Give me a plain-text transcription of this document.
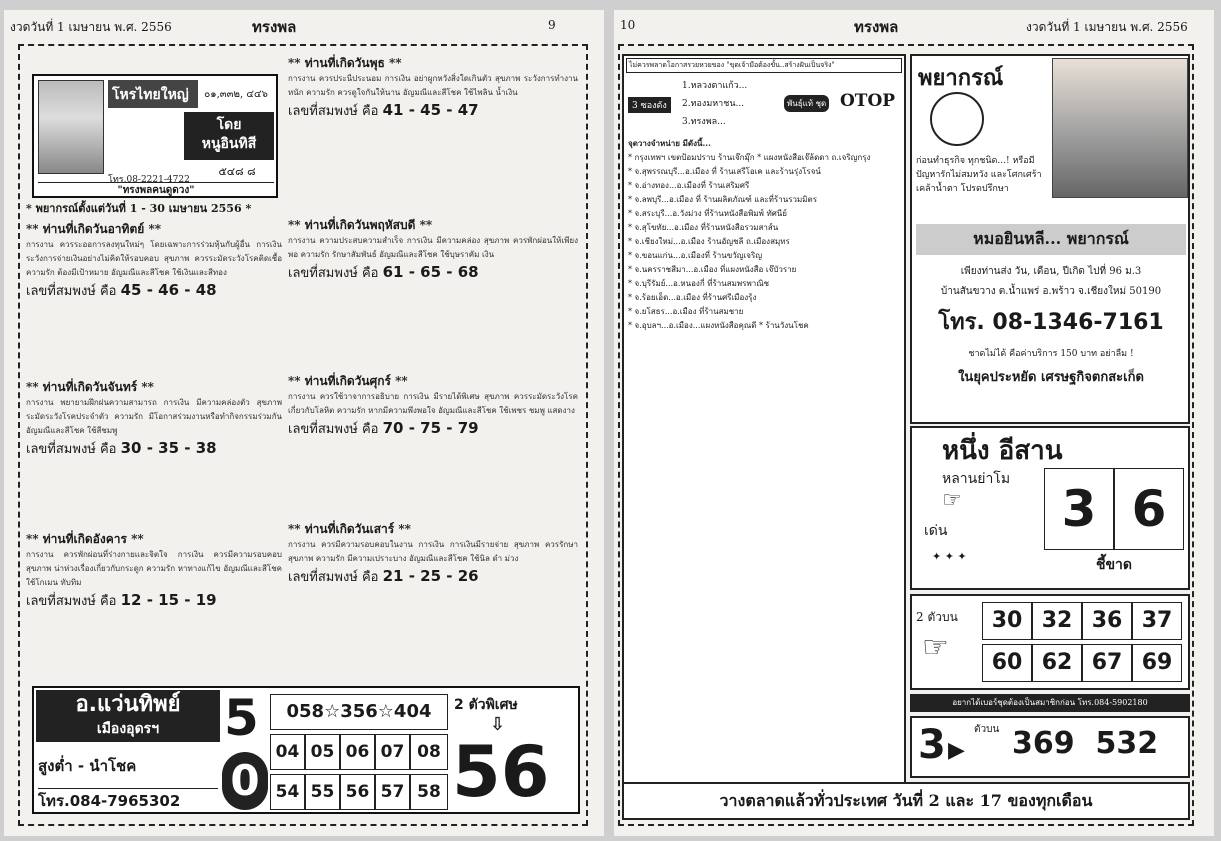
งวดวันที่ 1 เมษายน พ.ศ. 2556	ทรงพล	9
โหรไทยใหญ่	๐๑,๓๓๒, ๔๔๖
โดย
หนูอินทิสี
โทร.08-2221-4722
๕๔๘ ๘
"ทรงพลคนดูดวง"
* พยากรณ์ตั้งแต่วันที่ 1 - 30 เมษายน 2556 *
** ท่านที่เกิดวันอาทิตย์ **
การงาน ควรระออการลงทุนใหม่ๆ โดยเฉพาะการร่วมหุ้นกับผู้อื่น การเงิน ระวังการจ่ายเงินอย่างไม่คิดให้รอบคอบ สุขภาพ ควรระมัดระวังโรคติดเชื้อ ความรัก ต้องมีเป้าหมาย อัญมณีและสีโชค ใช้เงินและสีทอง
เลขที่สมพงษ์ คือ 45 - 46 - 48
** ท่านที่เกิดวันจันทร์ **
การงาน พยายามฝึกฝนความสามารถ การเงิน มีความคล่องตัว สุขภาพ ระมัดระวังโรคประจำตัว ความรัก มีโอกาสร่วมงานหรือทำกิจกรรมร่วมกัน อัญมณีและสีโชค ใช้สีชมพู
เลขที่สมพงษ์ คือ 30 - 35 - 38
** ท่านที่เกิดอังคาร **
การงาน ควรพักผ่อนที่ร่างกายและจิตใจ การเงิน ควรมีความรอบคอบ สุขภาพ น่าห่วงเรื่องเกี่ยวกับกระดูก ความรัก หาทางแก้ไข อัญมณีและสีโชค ใช้โกเมน ทับทิม
เลขที่สมพงษ์ คือ 12 - 15 - 19
** ท่านที่เกิดวันพุธ **
การงาน ควรประนีประนอม การเงิน อย่าผูกหวังสิ่งใดเกินตัว สุขภาพ ระวังการทำงานหนัก ความรัก ควรดูใจกันให้นาน อัญมณีและสีโชค ใช้ไพลิน น้ำเงิน
เลขที่สมพงษ์ คือ 41 - 45 - 47
** ท่านที่เกิดวันพฤหัสบดี **
การงาน ความประสบความสำเร็จ การเงิน มีความคล่อง สุขภาพ ควรพักผ่อนให้เพียงพอ ความรัก รักษาสัมพันธ์ อัญมณีและสีโชค ใช้บุษราคัม เงิน
เลขที่สมพงษ์ คือ 61 - 65 - 68
** ท่านที่เกิดวันศุกร์ **
การงาน ควรใช้วาจาการอธิบาย การเงิน มีรายได้พิเศษ สุขภาพ ควรระมัดระวังโรคเกี่ยวกับโลหิต ความรัก หากมีความพึงพอใจ อัญมณีและสีโชค ใช้เพชร ชมพู แสดงาง
เลขที่สมพงษ์ คือ 70 - 75 - 79
** ท่านที่เกิดวันเสาร์ **
การงาน ควรมีความรอบคอบในงาน การเงิน การเงินมีรายจ่าย สุขภาพ ควรรักษาสุขภาพ ความรัก มีความเปราะบาง อัญมณีและสีโชค ใช้นิล ดำ ม่วง
เลขที่สมพงษ์ คือ 21 - 25 - 26
อ.แว่นทิพย์
เมืองอุดรฯ	5
0
สูงต่ำ - นำโชค
โทร.084-7965302
058☆356☆404	2 ตัวพิเศษ
⇩
04 05 06 07 08
54 55 56 57 58 56
10	ทรงพล	งวดวันที่ 1 เมษายน พ.ศ. 2556
ไม่ควรพลาดโอกาสรวยหวยของ "ขุดเจ้ามือต้องขั้น..สร้างฝันเป็นจริง"
3 ซองดัง
1.หลวงตาแก้ว...
2.ทองมหาชน...
3.ทรงพล...
พันธุ์แท้ ชุด OTOP

จุดวางจำหน่าย มีดังนี้...

* กรุงเทพฯ เขตป้อมปราบ ร้านเจ๊กมุ๊ก * แผงหนังสือเจ๊ล้ดดา ถ.เจริญกรุง

* จ.สุพรรณบุรี...อ.เมือง ที่ ร้านเสรีโอเค และร้านรุ่งโรจน์

* จ.อ่างทอง...อ.เมืองที่ ร้านเสริมศรี

* จ.ลพบุรี...อ.เมือง ที่ ร้านผลิตภัณฑ์ และที่ร้านรวมมิตร

* จ.สระบุรี...อ.วังม่วง ที่ร้านหนังสือพิมพ์ ทัศนีย์

* จ.สุโขทัย...อ.เมือง ที่ร้านหนังสือรวมสาส์น

* จ.เชียงใหม่...อ.เมือง ร้านอัญชลี ถ.เมืองสมุทร

* จ.ขอนแก่น...อ.เมืองที่ ร้านขวัญเจริญ

* จ.นครราชสีมา...อ.เมือง ที่แผงหนังสือ เจ๊บัวราย

* จ.บุรีรัมย์...อ.หนองกี่ ที่ร้านสมพรพาณิช

* จ.ร้อยเอ็ด...อ.เมือง ที่ร้านศรีเมืองรุ้ง

* จ.ยโสธร...อ.เมือง ที่ร้านสมชาย

* จ.อุบลฯ...อ.เมือง...แผงหนังสือคุณดี * ร้านวังนโชค

พยากรณ์
ก่อนทำธุรกิจ ทุกชนิด...! หรือมีปัญหารักไม่สมหวัง และโศกเศร้า เคล้าน้ำตา โปรดปรึกษา
หมอยินหลี... พยากรณ์
เพียงท่านส่ง วัน, เดือน, ปีเกิด ไปที่ 96 ม.3
บ้านสันขวาง ต.น้ำแพร่ อ.พร้าว จ.เชียงใหม่ 50190
โทร. 08-1346-7161
ชาดไม่ได้ คือค่าบริการ 150 บาท อย่าลืม !
ในยุคประหยัด เศรษฐกิจตกสะเก็ด
หนึ่ง อีสาน
หลานย่าโม
☞
เด่น
✦ ✦ ✦
3 6
ชี้ขาด
2 ตัวบน
☞
30 32 36 37
60 62 67 69
อยากได้เบอร์ชุดต้องเป็นสมาชิกก่อน โทร.084-5902180
3 ▶
ตัวบน 369  532
วางตลาดแล้วทั่วประเทศ วันที่ 2 และ 17 ของทุกเดือน
